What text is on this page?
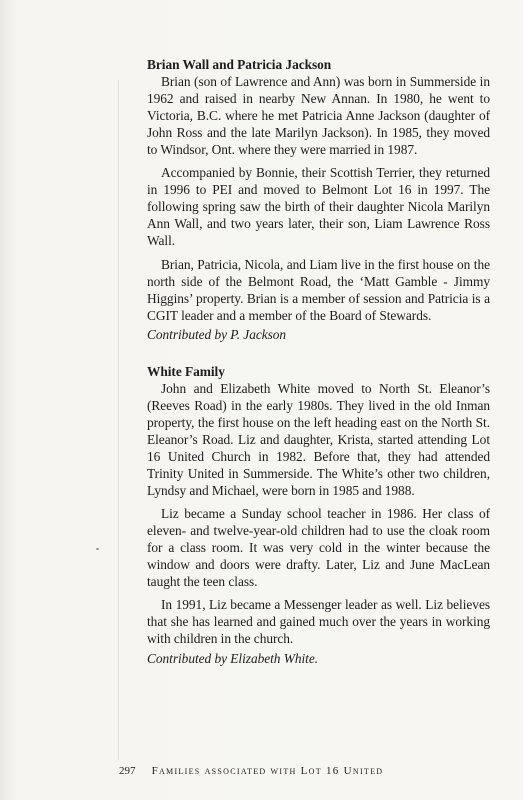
Brian Wall and Patricia Jackson

Brian (son of Lawrence and Ann) was born in Summerside in 1962 and raised in nearby New Annan. In 1980, he went to Victoria, B.C. where he met Patricia Anne Jackson (daughter of John Ross and the late Marilyn Jackson). In 1985, they moved to Windsor, Ont. where they were married in 1987.

Accompanied by Bonnie, their Scottish Terrier, they returned in 1996 to PEI and moved to Belmont Lot 16 in 1997. The following spring saw the birth of their daughter Nicola Marilyn Ann Wall, and two years later, their son, Liam Lawrence Ross Wall.

Brian, Patricia, Nicola, and Liam live in the first house on the north side of the Belmont Road, the ‘Matt Gamble - Jimmy Higgins’ property. Brian is a member of session and Patricia is a CGIT leader and a member of the Board of Stewards.

Contributed by P. Jackson

White Family

John and Elizabeth White moved to North St. Eleanor’s (Reeves Road) in the early 1980s. They lived in the old Inman property, the first house on the left heading east on the North St. Eleanor’s Road. Liz and daughter, Krista, started attending Lot 16 United Church in 1982. Before that, they had attended Trinity United in Summerside. The White’s other two children, Lyndsy and Michael, were born in 1985 and 1988.

Liz became a Sunday school teacher in 1986. Her class of eleven- and twelve-year-old children had to use the cloak room for a class room. It was very cold in the winter because the window and doors were drafty. Later, Liz and June MacLean taught the teen class.

In 1991, Liz became a Messenger leader as well. Liz believes that she has learned and gained much over the years in working with children in the church.

Contributed by Elizabeth White.

297 Families associated with Lot 16 United
